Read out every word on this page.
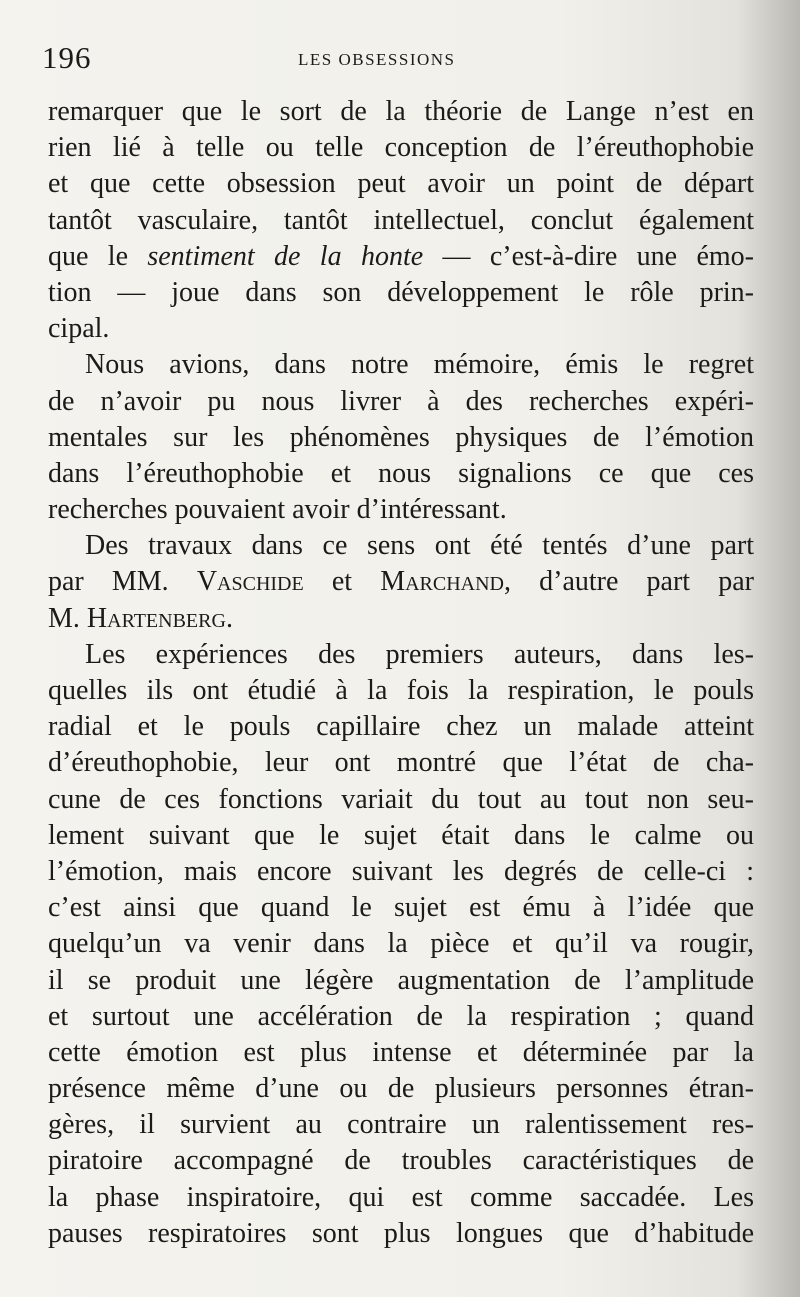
196	LES OBSESSIONS
remarquer que le sort de la théorie de Lange n’est en
rien lié à telle ou telle conception de l’éreuthophobie
et que cette obsession peut avoir un point de départ
tantôt vasculaire, tantôt intellectuel, conclut également
que le sentiment de la honte — c’est-à-dire une émo-
tion — joue dans son développement le rôle prin-
cipal.
Nous avions, dans notre mémoire, émis le regret
de n’avoir pu nous livrer à des recherches expéri-
mentales sur les phénomènes physiques de l’émotion
dans l’éreuthophobie et nous signalions ce que ces
recherches pouvaient avoir d’intéressant.
Des travaux dans ce sens ont été tentés d’une part
par MM. Vaschide et Marchand, d’autre part par
M. Hartenberg.
Les expériences des premiers auteurs, dans les-
quelles ils ont étudié à la fois la respiration, le pouls
radial et le pouls capillaire chez un malade atteint
d’éreuthophobie, leur ont montré que l’état de cha-
cune de ces fonctions variait du tout au tout non seu-
lement suivant que le sujet était dans le calme ou
l’émotion, mais encore suivant les degrés de celle-ci :
c’est ainsi que quand le sujet est ému à l’idée que
quelqu’un va venir dans la pièce et qu’il va rougir,
il se produit une légère augmentation de l’amplitude
et surtout une accélération de la respiration ; quand
cette émotion est plus intense et déterminée par la
présence même d’une ou de plusieurs personnes étran-
gères, il survient au contraire un ralentissement res-
piratoire accompagné de troubles caractéristiques de
la phase inspiratoire, qui est comme saccadée. Les
pauses respiratoires sont plus longues que d’habitude
